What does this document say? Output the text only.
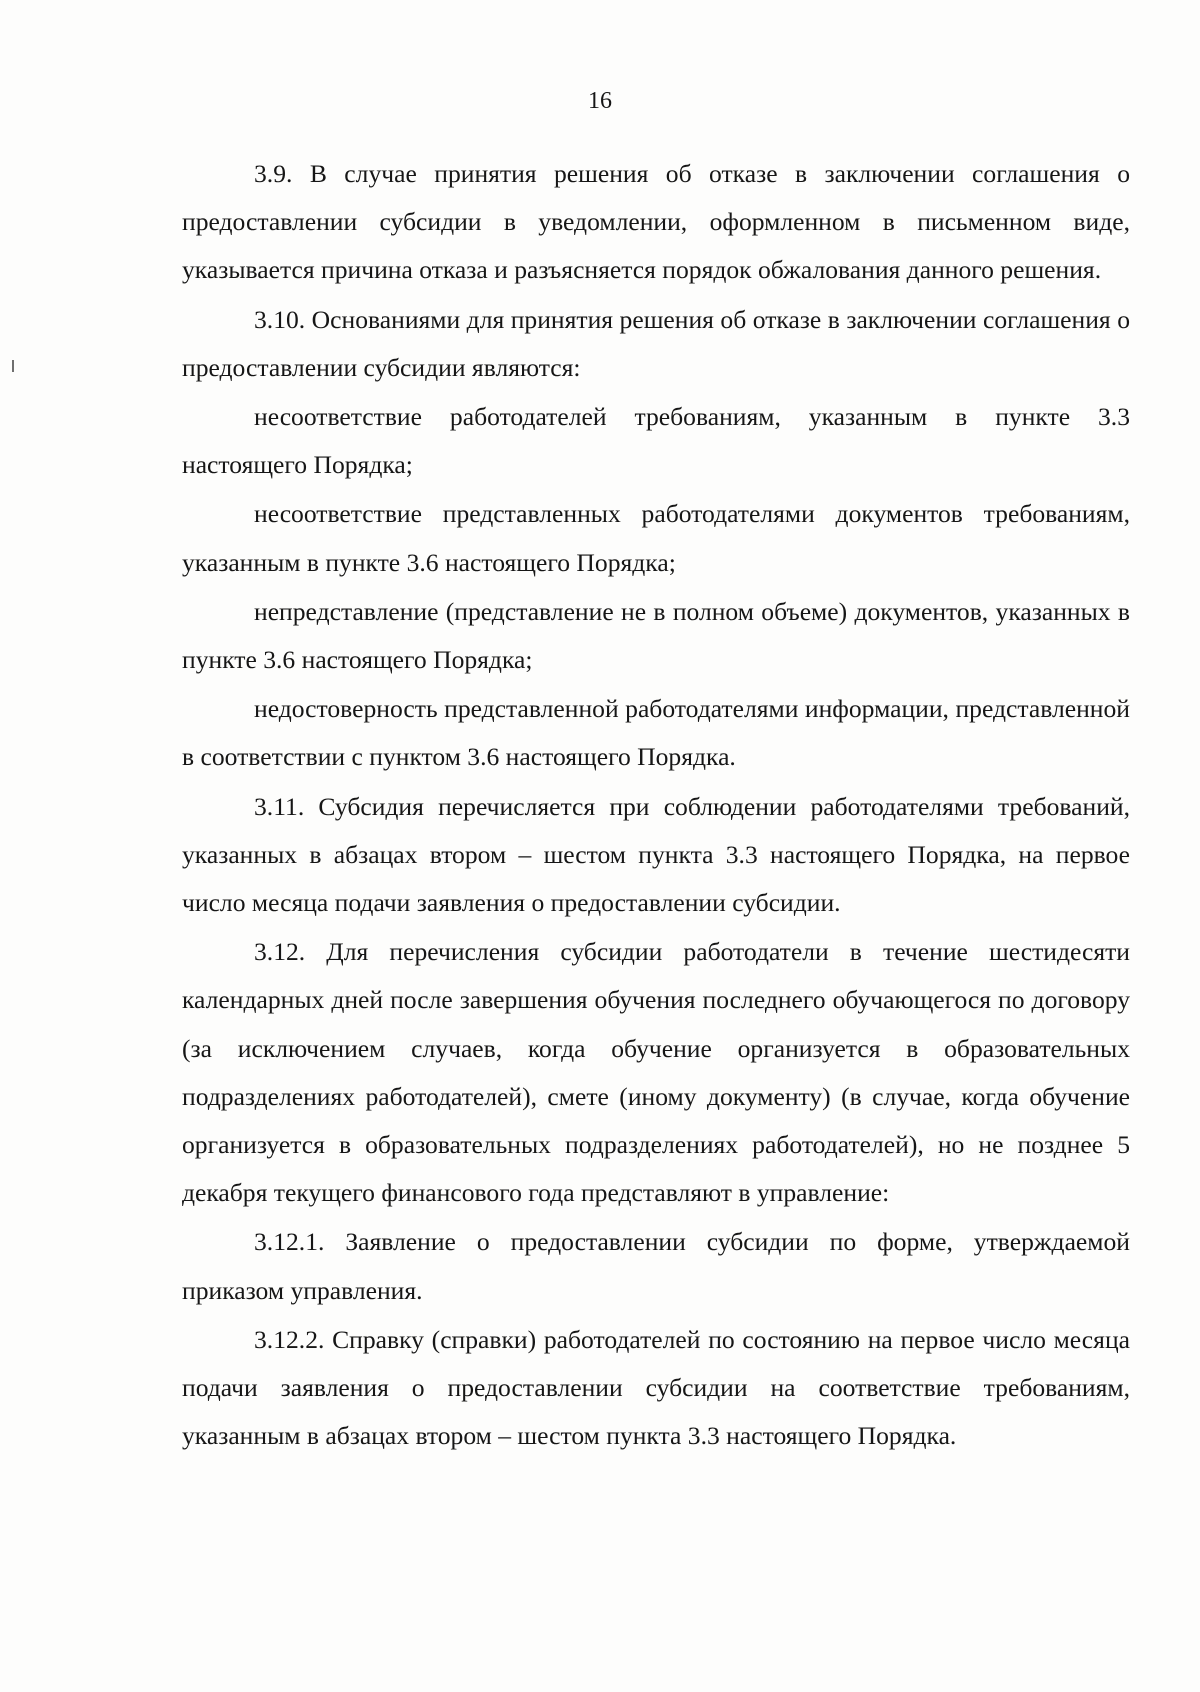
16

3.9. В случае принятия решения об отказе в заключении соглашения о предоставлении субсидии в уведомлении, оформленном в письменном виде, указывается причина отказа и разъясняется порядок обжалования данного решения.

3.10. Основаниями для принятия решения об отказе в заключении соглашения о предоставлении субсидии являются:

несоответствие работодателей требованиям, указанным в пункте 3.3 настоящего Порядка;

несоответствие представленных работодателями документов требованиям, указанным в пункте 3.6 настоящего Порядка;

непредставление (представление не в полном объеме) документов, указанных в пункте 3.6 настоящего Порядка;

недостоверность представленной работодателями информации, представленной в соответствии с пунктом 3.6 настоящего Порядка.

3.11. Субсидия перечисляется при соблюдении работодателями требований, указанных в абзацах втором – шестом пункта 3.3 настоящего Порядка, на первое число месяца подачи заявления о предоставлении субсидии.

3.12. Для перечисления субсидии работодатели в течение шестидесяти календарных дней после завершения обучения последнего обучающегося по договору (за исключением случаев, когда обучение организуется в образовательных подразделениях работодателей), смете (иному документу) (в случае, когда обучение организуется в образовательных подразделениях работодателей), но не позднее 5 декабря текущего финансового года представляют в управление:

3.12.1. Заявление о предоставлении субсидии по форме, утверждаемой приказом управления.

3.12.2. Справку (справки) работодателей по состоянию на первое число месяца подачи заявления о предоставлении субсидии на соответствие требованиям, указанным в абзацах втором – шестом пункта 3.3 настоящего Порядка.
